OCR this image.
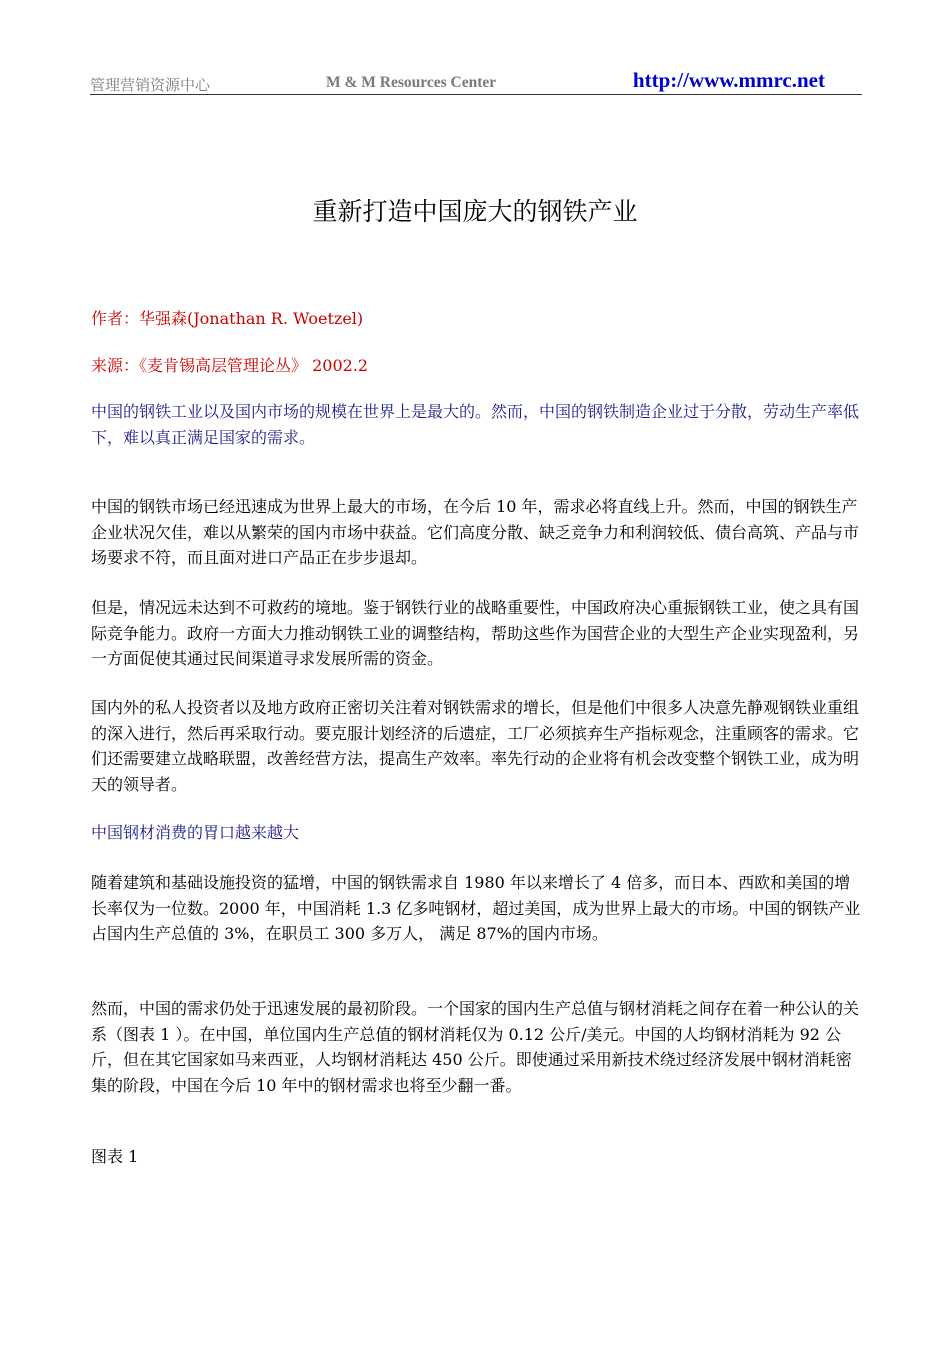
管理营销资源中心	M & M Resources Center	http://www.mmrc.net
重新打造中国庞大的钢铁产业
作者：华强森(Jonathan R. Woetzel)
来源：《麦肯锡高层管理论丛》 2002.2

中国的钢铁工业以及国内市场的规模在世界上是最大的。然而，中国的钢铁制造企业过于分散，劳动生产率低下，难以真正满足国家的需求。

中国的钢铁市场已经迅速成为世界上最大的市场，在今后 10 年，需求必将直线上升。然而，中国的钢铁生产企业状况欠佳，难以从繁荣的国内市场中获益。它们高度分散、缺乏竞争力和利润较低、债台高筑、产品与市场要求不符，而且面对进口产品正在步步退却。

但是，情况远未达到不可救药的境地。鉴于钢铁行业的战略重要性，中国政府决心重振钢铁工业，使之具有国际竞争能力。政府一方面大力推动钢铁工业的调整结构，帮助这些作为国营企业的大型生产企业实现盈利，另一方面促使其通过民间渠道寻求发展所需的资金。

国内外的私人投资者以及地方政府正密切关注着对钢铁需求的增长，但是他们中很多人决意先静观钢铁业重组的深入进行，然后再采取行动。要克服计划经济的后遗症，工厂必须摈弃生产指标观念，注重顾客的需求。它们还需要建立战略联盟，改善经营方法，提高生产效率。率先行动的企业将有机会改变整个钢铁工业，成为明天的领导者。

中国钢材消费的胃口越来越大

随着建筑和基础设施投资的猛增，中国的钢铁需求自 1980 年以来增长了 4 倍多，而日本、西欧和美国的增长率仅为一位数。2000 年，中国消耗 1.3 亿多吨钢材，超过美国，成为世界上最大的市场。中国的钢铁产业占国内生产总值的 3%，在职员工 300 多万人， 满足 87%的国内市场。

然而，中国的需求仍处于迅速发展的最初阶段。一个国家的国内生产总值与钢材消耗之间存在着一种公认的关系（图表 1 ）。在中国，单位国内生产总值的钢材消耗仅为 0.12 公斤/美元。中国的人均钢材消耗为 92 公斤，但在其它国家如马来西亚，人均钢材消耗达 450 公斤。即使通过采用新技术绕过经济发展中钢材消耗密集的阶段，中国在今后 10 年中的钢材需求也将至少翻一番。

图表 1
